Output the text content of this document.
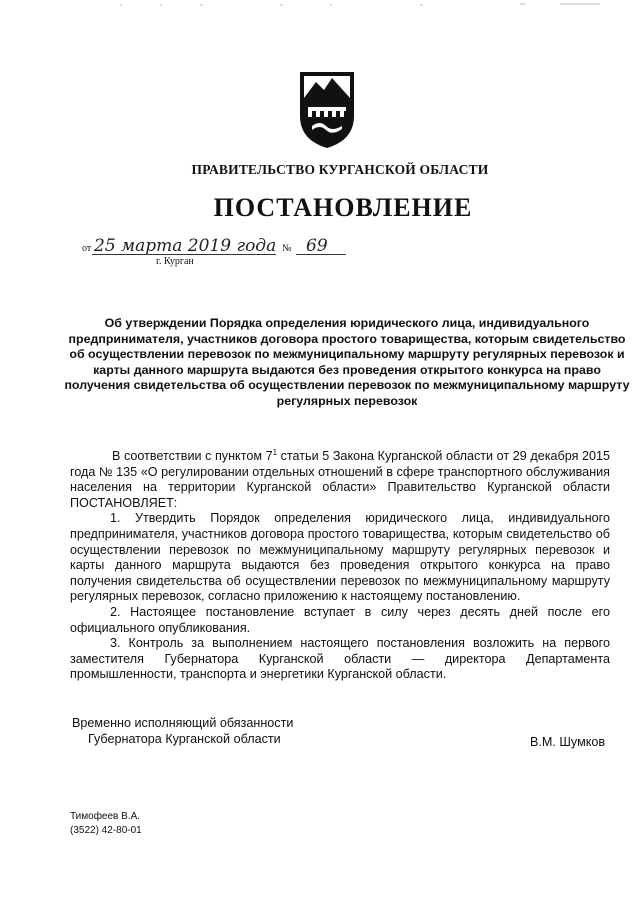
ПРАВИТЕЛЬСТВО КУРГАНСКОЙ ОБЛАСТИ
ПОСТАНОВЛЕНИЕ
от 25 марта 2019 года № 69
г. Курган
Об утверждении Порядка определения юридического лица, индивидуального предпринимателя, участников договора простого товарищества, которым свидетельство об осуществлении перевозок по межмуниципальному маршруту регулярных перевозок и карты данного маршрута выдаются без проведения открытого конкурса на право получения свидетельства об осуществлении перевозок по межмуниципальному маршруту регулярных перевозок

В соответствии с пунктом $7^1$ статьи 5 Закона Курганской области от 29 декабря 2015 года № 135 «О регулировании отдельных отношений в сфере транспортного обслуживания населения на территории Курганской области» Правительство Курганской области ПОСТАНОВЛЯЕТ:

1. Утвердить Порядок определения юридического лица, индивидуального предпринимателя, участников договора простого товарищества, которым свидетельство об осуществлении перевозок по межмуниципальному маршруту регулярных перевозок и карты данного маршрута выдаются без проведения открытого конкурса на право получения свидетельства об осуществлении перевозок по межмуниципальному маршруту регулярных перевозок, согласно приложению к настоящему постановлению.

2. Настоящее постановление вступает в силу через десять дней после его официального опубликования.

3. Контроль за выполнением настоящего постановления возложить на первого заместителя Губернатора Курганской области — директора Департамента промышленности, транспорта и энергетики Курганской области.

Временно исполняющий обязанности
Губернатора Курганской области	В.М. Шумков
Тимофеев В.А.
(3522) 42-80-01
